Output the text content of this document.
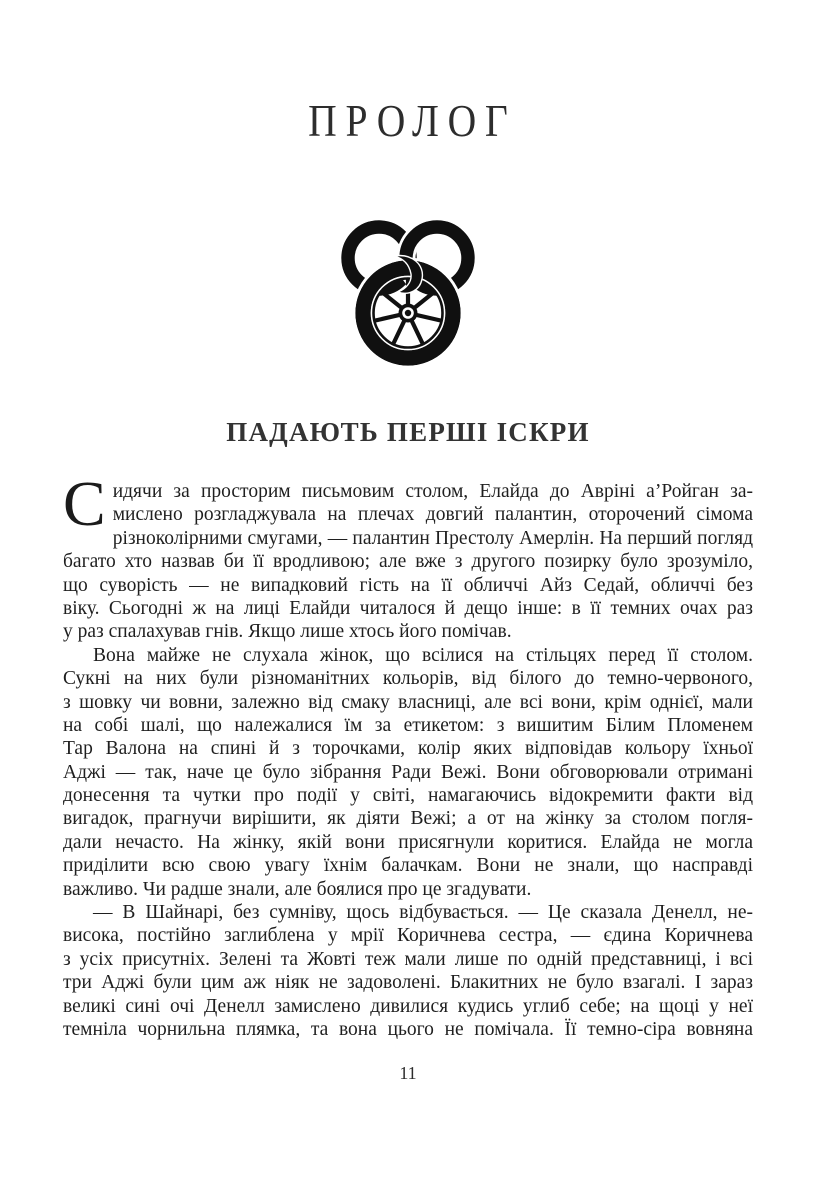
ПРОЛОГ
ПАДАЮТЬ ПЕРШІ ІСКРИ
С идячи за просторим письмовим столом, Елайда до Авріні а’Ройган за-
мислено розгладжувала на плечах довгий палантин, оторочений сімома
різноколірними смугами, — палантин Престолу Амерлін. На перший погляд
багато хто назвав би її вродливою; але вже з другого позирку було зрозуміло,
що суворість — не випадковий гість на її обличчі Айз Седай, обличчі без
віку. Сьогодні ж на лиці Елайди читалося й дещо інше: в її темних очах раз
у раз спалахував гнів. Якщо лише хтось його помічав.
Вона майже не слухала жінок, що всілися на стільцях перед її столом.
Сукні на них були різноманітних кольорів, від білого до темно-червоного,
з шовку чи вовни, залежно від смаку власниці, але всі вони, крім однієї, мали
на собі шалі, що належалися їм за етикетом: з вишитим Білим Пломенем
Тар Валона на спині й з торочками, колір яких відповідав кольору їхньої
Аджі — так, наче це було зібрання Ради Вежі. Вони обговорювали отримані
донесення та чутки про події у світі, намагаючись відокремити факти від
вигадок, прагнучи вирішити, як діяти Вежі; а от на жінку за столом погля-
дали нечасто. На жінку, якій вони присягнули коритися. Елайда не могла
приділити всю свою увагу їхнім балачкам. Вони не знали, що насправді
важливо. Чи радше знали, але боялися про це згадувати.
— В Шайнарі, без сумніву, щось відбувається. — Це сказала Денелл, не-
висока, постійно заглиблена у мрії Коричнева сестра, — єдина Коричнева
з усіх присутніх. Зелені та Жовті теж мали лише по одній представниці, і всі
три Аджі були цим аж ніяк не задоволені. Блакитних не було взагалі. І зараз
великі сині очі Денелл замислено дивилися кудись углиб себе; на щоці у неї
темніла чорнильна плямка, та вона цього не помічала. Її темно-сіра вовняна
11
